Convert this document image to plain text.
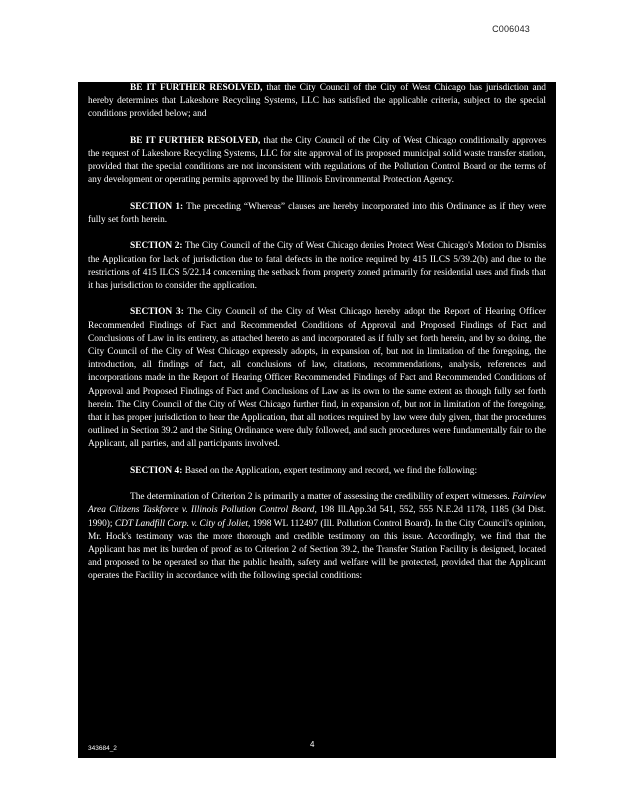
C006043

BE IT FURTHER RESOLVED, that the City Council of the City of West Chicago has jurisdiction and hereby determines that Lakeshore Recycling Systems, LLC has satisfied the applicable criteria, subject to the special conditions provided below; and

BE IT FURTHER RESOLVED, that the City Council of the City of West Chicago conditionally approves the request of Lakeshore Recycling Systems, LLC for site approval of its proposed municipal solid waste transfer station, provided that the special conditions are not inconsistent with regulations of the Pollution Control Board or the terms of any development or operating permits approved by the Illinois Environmental Protection Agency.

SECTION 1: The preceding “Whereas” clauses are hereby incorporated into this Ordinance as if they were fully set forth herein.

SECTION 2: The City Council of the City of West Chicago denies Protect West Chicago's Motion to Dismiss the Application for lack of jurisdiction due to fatal defects in the notice required by 415 ILCS 5/39.2(b) and due to the restrictions of 415 ILCS 5/22.14 concerning the setback from property zoned primarily for residential uses and finds that it has jurisdiction to consider the application.

SECTION 3: The City Council of the City of West Chicago hereby adopt the Report of Hearing Officer Recommended Findings of Fact and Recommended Conditions of Approval and Proposed Findings of Fact and Conclusions of Law in its entirety, as attached hereto as and incorporated as if fully set forth herein, and by so doing, the City Council of the City of West Chicago expressly adopts, in expansion of, but not in limitation of the foregoing, the introduction, all findings of fact, all conclusions of law, citations, recommendations, analysis, references and incorporations made in the Report of Hearing Officer Recommended Findings of Fact and Recommended Conditions of Approval and Proposed Findings of Fact and Conclusions of Law as its own to the same extent as though fully set forth herein. The City Council of the City of West Chicago further find, in expansion of, but not in limitation of the foregoing, that it has proper jurisdiction to hear the Application, that all notices required by law were duly given, that the procedures outlined in Section 39.2 and the Siting Ordinance were duly followed, and such procedures were fundamentally fair to the Applicant, all parties, and all participants involved.

SECTION 4: Based on the Application, expert testimony and record, we find the following:

The determination of Criterion 2 is primarily a matter of assessing the credibility of expert witnesses. Fairview Area Citizens Taskforce v. Illinois Pollution Control Board, 198 Ill.App.3d 541, 552, 555 N.E.2d 1178, 1185 (3d Dist. 1990); CDT Landfill Corp. v. City of Joliet, 1998 WL 112497 (Ill. Pollution Control Board). In the City Council's opinion, Mr. Hock's testimony was the more thorough and credible testimony on this issue. Accordingly, we find that the Applicant has met its burden of proof as to Criterion 2 of Section 39.2, the Transfer Station Facility is designed, located and proposed to be operated so that the public health, safety and welfare will be protected, provided that the Applicant operates the Facility in accordance with the following special conditions:

343684_2	4
